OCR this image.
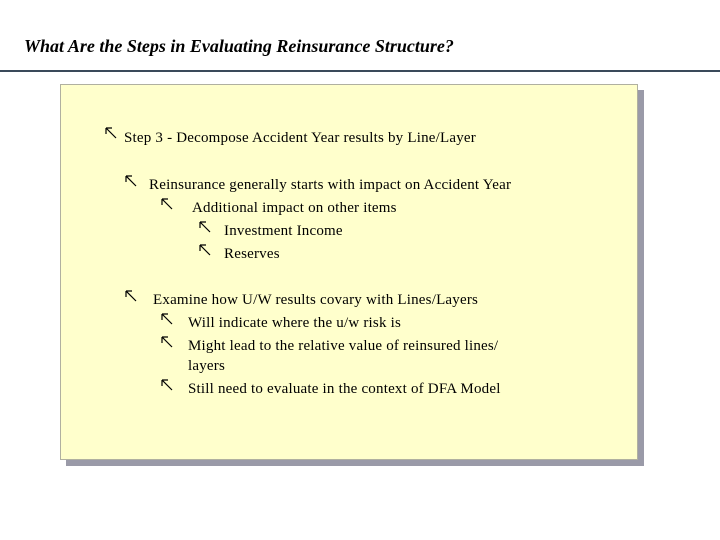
What Are the Steps in Evaluating Reinsurance Structure?
Step 3 - Decompose Accident Year results by Line/Layer
Reinsurance generally starts with impact on Accident Year
Additional impact on other items
Investment Income
Reserves
Examine how U/W results covary with Lines/Layers
Will indicate where the u/w risk is
Might lead to the relative value of reinsured lines/
layers
Still need to evaluate in the context of DFA Model
